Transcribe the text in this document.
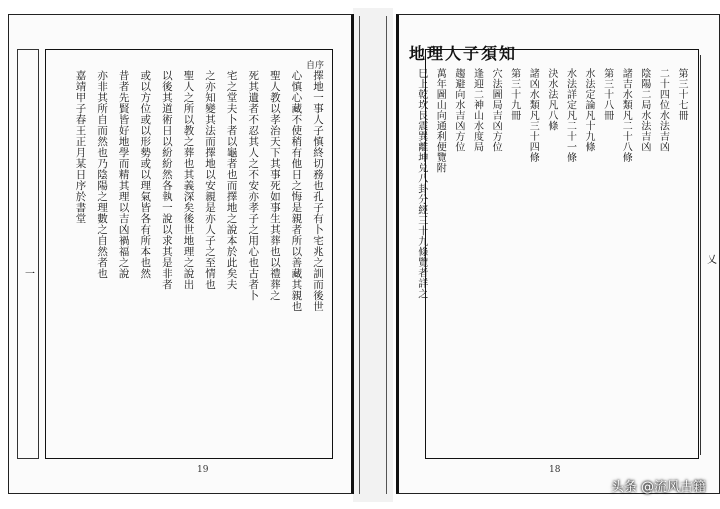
自序
擇地一事人子慎終切務也孔子有卜宅兆之訓而後世
心慎心藏不使稍有他日之悔是親者所以善藏其親也
聖人教以孝治天下其事死如事生其葬也以禮葬之
死其遺者不忍其人之不安亦孝子之用心也古者卜
宅之堂夫卜者以龜者也而擇地之說本於此矣夫
之亦知變其法而擇地以安親是亦人子之至情也
聖人之所以教之葬也其義深矣後世地理之說出
以後其道術日以紛紛然各執一說以求其是非者
或以方位或以形勢或以理氣皆各有所本也然
昔者先賢皆好地學而精其理以吉凶禍福之說
亦非其所自而然也乃陰陽之理數之自然者也
嘉靖甲子春王正月某日序於書堂
一
19
地理人子須知
第三十七冊
二十四位水法吉凶
陰陽二局水法吉凶
諸吉水類凡二十八條
第三十八冊
水法定論凡十九條
水法詳定凡二十一條
決水法凡八條
諸凶水類凡三十四條
第三十九冊
穴法圖局吉凶方位
逢迎二神山水度局
趨避向水吉凶方位
萬年圖山向通利便覽附
巳上乾坎艮震巽離坤兑八卦分經三十九條覽者詳之	乂
18
头条 @流风古籍
